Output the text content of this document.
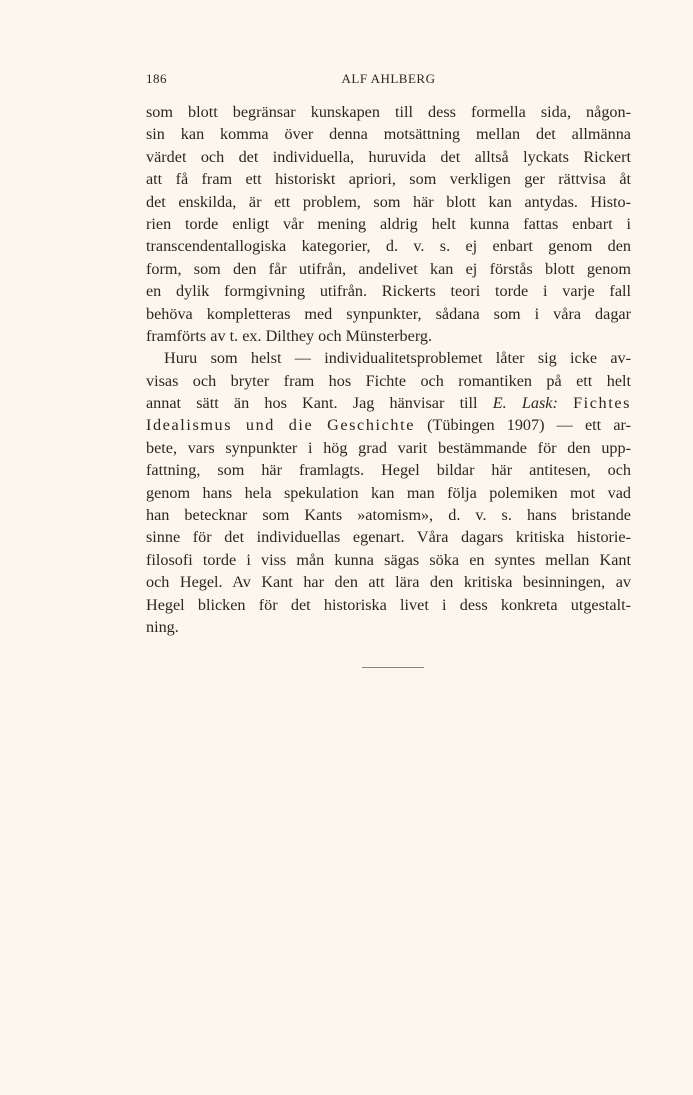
186	ALF AHLBERG
som blott begränsar kunskapen till dess formella sida, någon-
sin kan komma över denna motsättning mellan det allmänna
värdet och det individuella, huruvida det alltså lyckats Rickert
att få fram ett historiskt apriori, som verkligen ger rättvisa åt
det enskilda, är ett problem, som här blott kan antydas. Histo-
rien torde enligt vår mening aldrig helt kunna fattas enbart i
transcendentallogiska kategorier, d. v. s. ej enbart genom den
form, som den får utifrån, andelivet kan ej förstås blott genom
en dylik formgivning utifrån. Rickerts teori torde i varje fall
behöva kompletteras med synpunkter, sådana som i våra dagar
framförts av t. ex. Dilthey och Münsterberg.
Huru som helst — individualitetsproblemet låter sig icke av-
visas och bryter fram hos Fichte och romantiken på ett helt
annat sätt än hos Kant. Jag hänvisar till E. Lask: Fichtes
Idealismus und die Geschichte (Tübingen 1907) — ett ar-
bete, vars synpunkter i hög grad varit bestämmande för den upp-
fattning, som här framlagts. Hegel bildar här antitesen, och
genom hans hela spekulation kan man följa polemiken mot vad
han betecknar som Kants »atomism», d. v. s. hans bristande
sinne för det individuellas egenart. Våra dagars kritiska historie-
filosofi torde i viss mån kunna sägas söka en syntes mellan Kant
och Hegel. Av Kant har den att lära den kritiska besinningen, av
Hegel blicken för det historiska livet i dess konkreta utgestalt-
ning.
